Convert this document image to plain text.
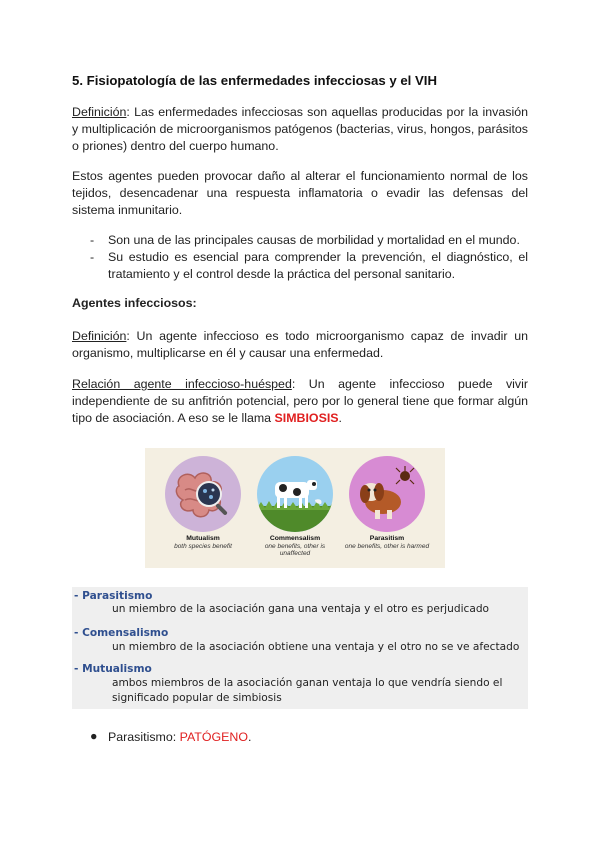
5. Fisiopatología de las enfermedades infecciosas y el VIH
Definición: Las enfermedades infecciosas son aquellas producidas por la invasión y multiplicación de microorganismos patógenos (bacterias, virus, hongos, parásitos o priones) dentro del cuerpo humano.
Estos agentes pueden provocar daño al alterar el funcionamiento normal de los tejidos, desencadenar una respuesta inflamatoria o evadir las defensas del sistema inmunitario.
- Son una de las principales causas de morbilidad y mortalidad en el mundo.
- Su estudio es esencial para comprender la prevención, el diagnóstico, el tratamiento y el control desde la práctica del personal sanitario.
Agentes infecciosos:
Definición: Un agente infeccioso es todo microorganismo capaz de invadir un organismo, multiplicarse en él y causar una enfermedad.
Relación agente infeccioso-huésped: Un agente infeccioso puede vivir independiente de su anfitrión potencial, pero por lo general tiene que formar algún tipo de asociación. A eso se le llama SIMBIOSIS.
Mutualism
both species benefit
Commensalism
one benefits, other is unaffected
Parasitism
one benefits, other is harmed
- Parasitismo
un miembro de la asociación gana una ventaja y el otro es perjudicado
- Comensalismo
un miembro de la asociación obtiene una ventaja y el otro no se ve afectado
- Mutualismo
ambos miembros de la asociación ganan ventaja lo que vendría siendo el significado popular de simbiosis
● Parasitismo: PATÓGENO.
